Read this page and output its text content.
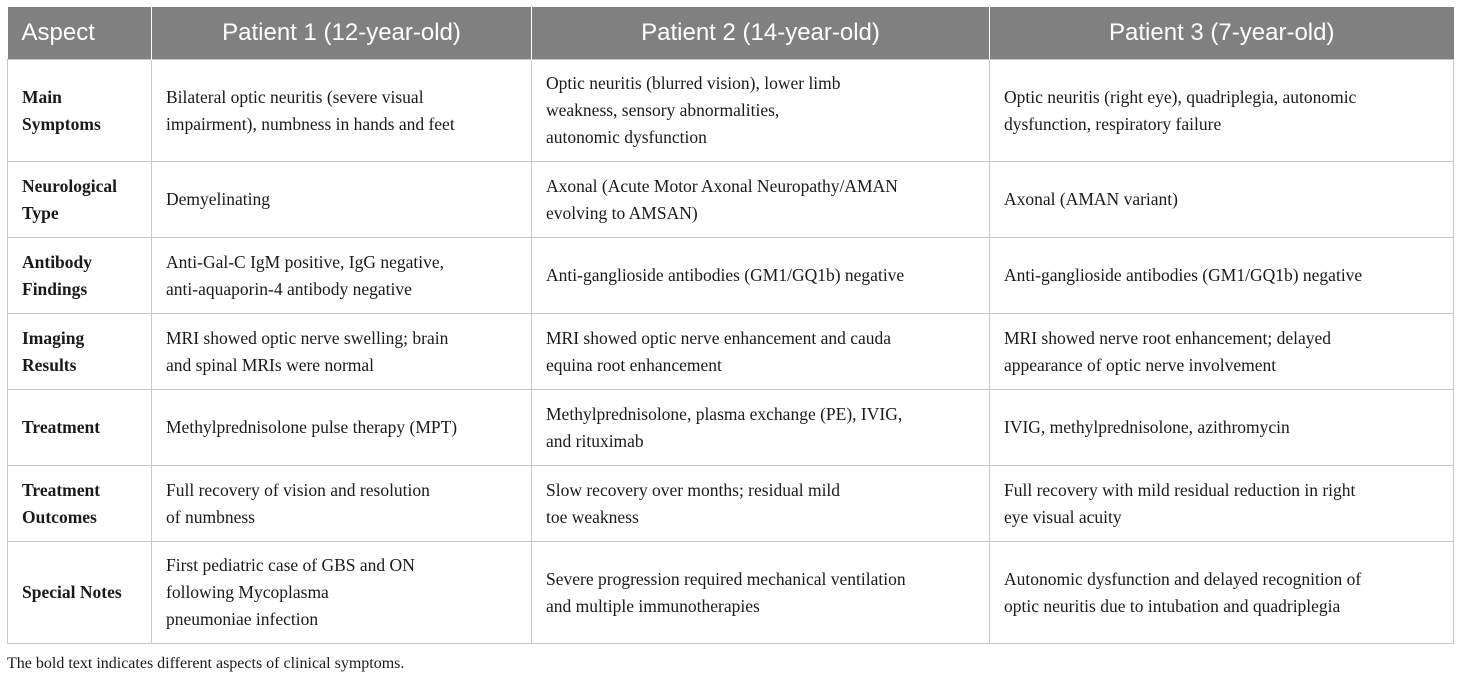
Aspect	Patient 1 (12-year-old)	Patient 2 (14-year-old)	Patient 3 (7-year-old)

Main
Symptoms	Bilateral optic neuritis (severe visual
impairment), numbness in hands and feet	Optic neuritis (blurred vision), lower limb
weakness, sensory abnormalities,
autonomic dysfunction	Optic neuritis (right eye), quadriplegia, autonomic
dysfunction, respiratory failure

Neurological
Type	Demyelinating	Axonal (Acute Motor Axonal Neuropathy/AMAN
evolving to AMSAN)	Axonal (AMAN variant)

Antibody
Findings	Anti-Gal-C IgM positive, IgG negative,
anti-aquaporin-4 antibody negative	Anti-ganglioside antibodies (GM1/GQ1b) negative	Anti-ganglioside antibodies (GM1/GQ1b) negative

Imaging
Results	MRI showed optic nerve swelling; brain
and spinal MRIs were normal	MRI showed optic nerve enhancement and cauda
equina root enhancement	MRI showed nerve root enhancement; delayed
appearance of optic nerve involvement

Treatment	Methylprednisolone pulse therapy (MPT)	Methylprednisolone, plasma exchange (PE), IVIG,
and rituximab	IVIG, methylprednisolone, azithromycin

Treatment
Outcomes	Full recovery of vision and resolution
of numbness	Slow recovery over months; residual mild
toe weakness	Full recovery with mild residual reduction in right
eye visual acuity

Special Notes	First pediatric case of GBS and ON
following Mycoplasma
pneumoniae infection	Severe progression required mechanical ventilation
and multiple immunotherapies	Autonomic dysfunction and delayed recognition of
optic neuritis due to intubation and quadriplegia
The bold text indicates different aspects of clinical symptoms.
